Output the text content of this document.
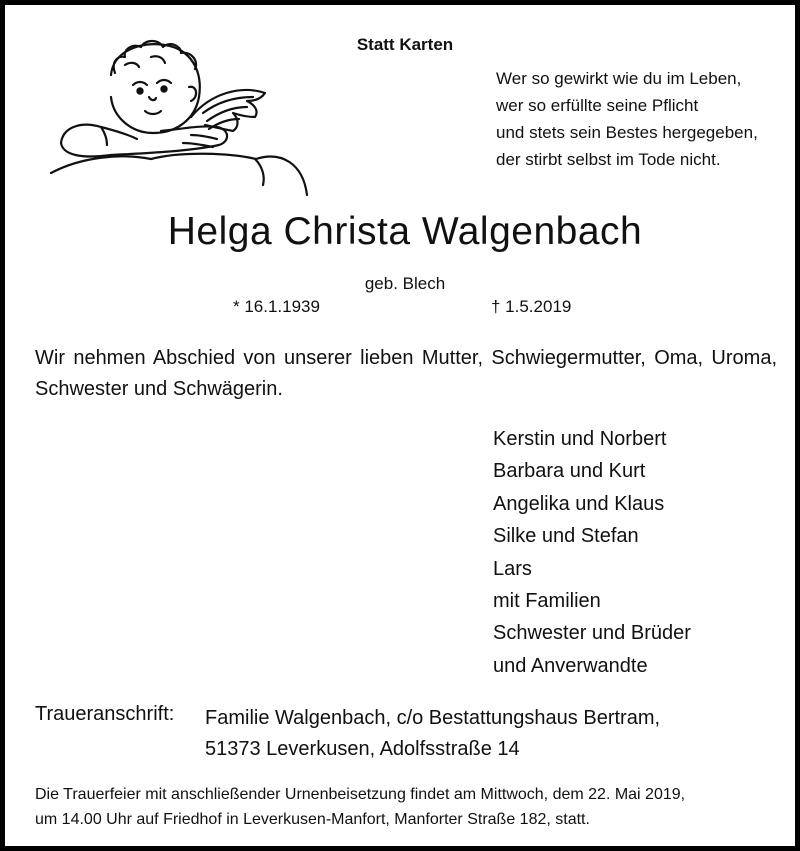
Statt Karten
Wer so gewirkt wie du im Leben,
wer so erfüllte seine Pflicht
und stets sein Bestes hergegeben,
der stirbt selbst im Tode nicht.
Helga Christa Walgenbach
geb. Blech
* 16.1.1939	† 1.5.2019
Wir nehmen Abschied von unserer lieben Mutter, Schwiegermutter, Oma, Uroma, Schwester und Schwägerin.
Kerstin und Norbert
Barbara und Kurt
Angelika und Klaus
Silke und Stefan
Lars
mit Familien
Schwester und Brüder
und Anverwandte
Traueranschrift: Familie Walgenbach, c/o Bestattungshaus Bertram,
51373 Leverkusen, Adolfsstraße 14
Die Trauerfeier mit anschließender Urnenbeisetzung findet am Mittwoch, dem 22. Mai 2019,
um 14.00 Uhr auf Friedhof in Leverkusen-Manfort, Manforter Straße 182, statt.
